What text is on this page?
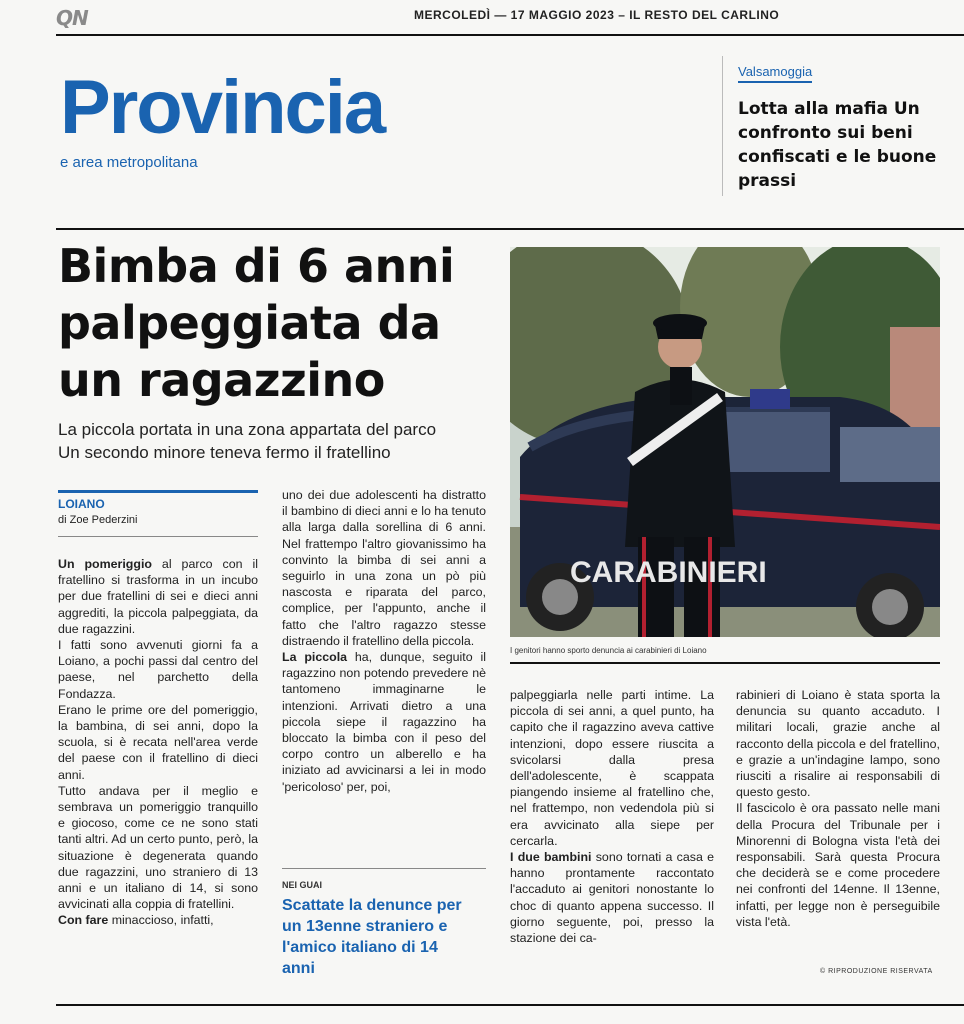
QN	MERCOLEDÌ — 17 MAGGIO 2023 – IL RESTO DEL CARLINO
Provincia
e area metropolitana
Valsamoggia
Lotta alla mafia Un confronto sui beni confiscati e le buone prassi
Bimba di 6 anni palpeggiata da un ragazzino
La piccola portata in una zona appartata del parco
Un secondo minore teneva fermo il fratellino
CARABINIERI
I genitori hanno sporto denuncia ai carabinieri di Loiano
LOIANO
di Zoe Pederzini

Un pomeriggio al parco con il fratellino si trasforma in un incubo per due fratellini di sei e dieci anni aggrediti, la piccola palpeggiata, da due ragazzini.

I fatti sono avvenuti giorni fa a Loiano, a pochi passi dal centro del paese, nel parchetto della Fondazza.

Erano le prime ore del pomeriggio, la bambina, di sei anni, dopo la scuola, si è recata nell'area verde del paese con il fratellino di dieci anni.

Tutto andava per il meglio e sembrava un pomeriggio tranquillo e giocoso, come ce ne sono stati tanti altri. Ad un certo punto, però, la situazione è degenerata quando due ragazzini, uno straniero di 13 anni e un italiano di 14, si sono avvicinati alla coppia di fratellini.

Con fare minaccioso, infatti,

uno dei due adolescenti ha distratto il bambino di dieci anni e lo ha tenuto alla larga dalla sorellina di 6 anni. Nel frattempo l'altro giovanissimo ha convinto la bimba di sei anni a seguirlo in una zona un pò più nascosta e riparata del parco, complice, per l'appunto, anche il fatto che l'altro ragazzo stesse distraendo il fratellino della piccola.

La piccola ha, dunque, seguito il ragazzino non potendo prevedere nè tantomeno immaginarne le intenzioni. Arrivati dietro a una piccola siepe il ragazzino ha bloccato la bimba con il peso del corpo contro un alberello e ha iniziato ad avvicinarsi a lei in modo 'pericoloso' per, poi,

NEI GUAI
Scattate la denunce per un 13enne straniero e l'amico italiano di 14 anni

palpeggiarla nelle parti intime. La piccola di sei anni, a quel punto, ha capito che il ragazzino aveva cattive intenzioni, dopo essere riuscita a svicolarsi dalla presa dell'adolescente, è scappata piangendo insieme al fratellino che, nel frattempo, non vedendola più si era avvicinato alla siepe per cercarla.

I due bambini sono tornati a casa e hanno prontamente raccontato l'accaduto ai genitori nonostante lo choc di quanto appena successo. Il giorno seguente, poi, presso la stazione dei ca-

rabinieri di Loiano è stata sporta la denuncia su quanto accaduto. I militari locali, grazie anche al racconto della piccola e del fratellino, e grazie a un'indagine lampo, sono riusciti a risalire ai responsabili di questo gesto.

Il fascicolo è ora passato nelle mani della Procura del Tribunale per i Minorenni di Bologna vista l'età dei responsabili. Sarà questa Procura che deciderà se e come procedere nei confronti del 14enne. Il 13enne, infatti, per legge non è perseguibile vista l'età.

© RIPRODUZIONE RISERVATA
